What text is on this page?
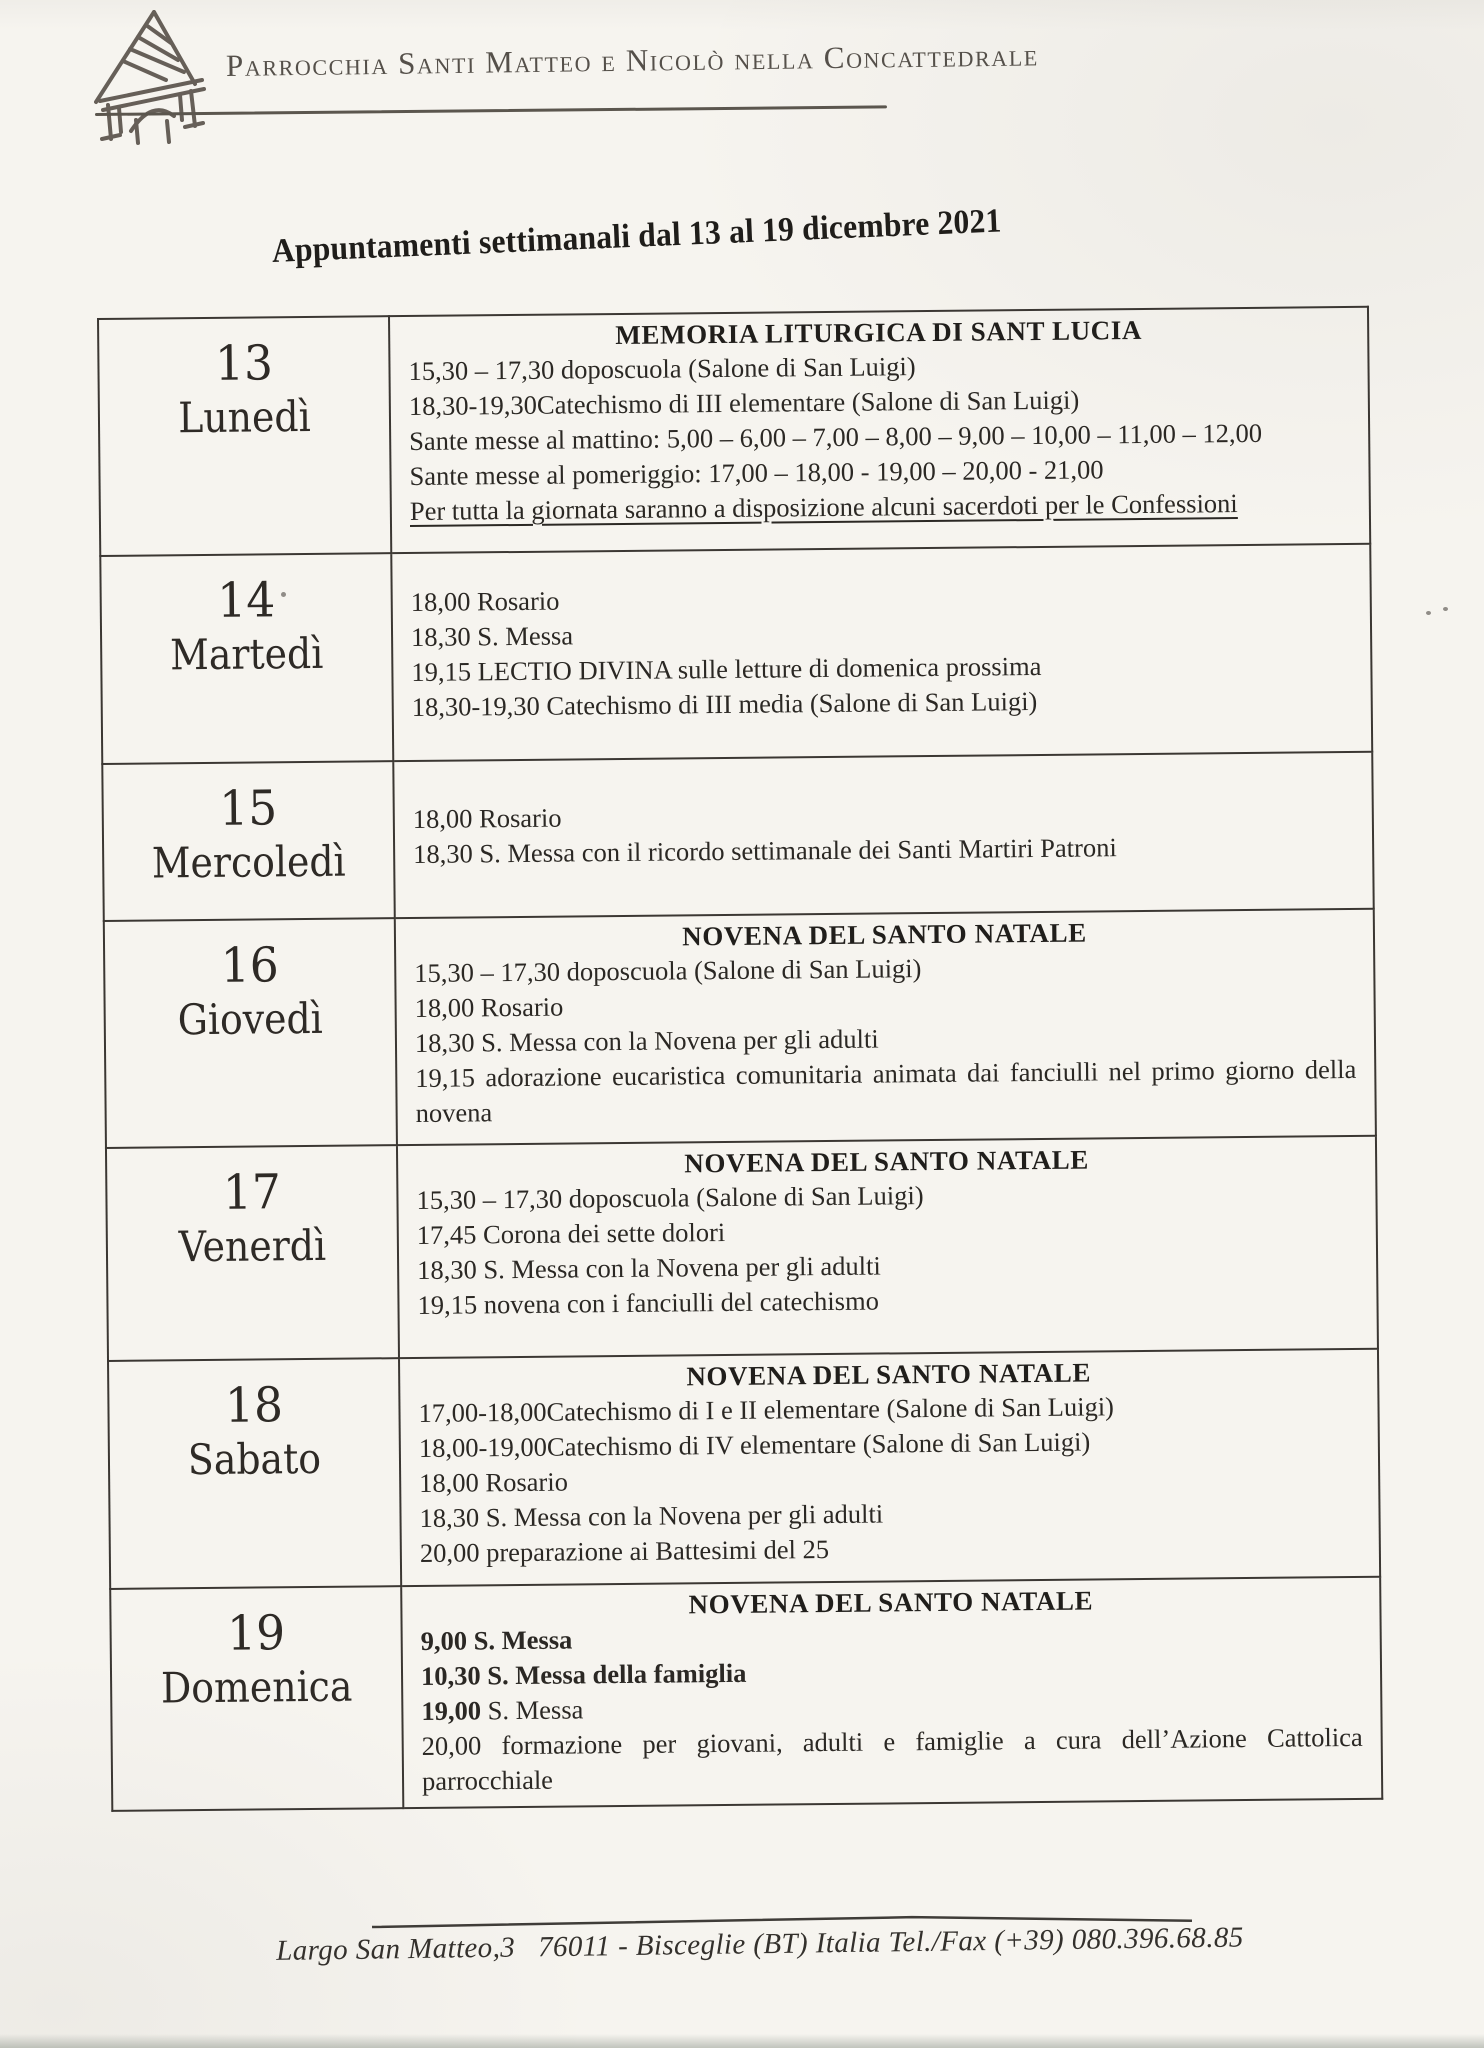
Parrocchia Santi Matteo e Nicolò nella Concattedrale
Appuntamenti settimanali dal 13 al 19 dicembre 2021
13
Lunedì

MEMORIA LITURGICA DI SANT LUCIA
15,30 – 17,30 doposcuola (Salone di San Luigi)
18,30-19,30Catechismo di III elementare (Salone di San Luigi)
Sante messe al mattino: 5,00 – 6,00 – 7,00 – 8,00 – 9,00 – 10,00 – 11,00 – 12,00
Sante messe al pomeriggio: 17,00 – 18,00 - 19,00 – 20,00 - 21,00
Per tutta la giornata saranno a disposizione alcuni sacerdoti per le Confessioni

14
Martedì

18,00 Rosario
18,30 S. Messa
19,15 LECTIO DIVINA sulle letture di domenica prossima
18,30-19,30 Catechismo di III media (Salone di San Luigi)

15
Mercoledì

18,00 Rosario
18,30 S. Messa con il ricordo settimanale dei Santi Martiri Patroni

16
Giovedì

NOVENA DEL SANTO NATALE
15,30 – 17,30 doposcuola (Salone di San Luigi)
18,00 Rosario
18,30 S. Messa con la Novena per gli adulti
19,15 adorazione eucaristica comunitaria animata dai fanciulli nel primo giorno della novena

17
Venerdì

NOVENA DEL SANTO NATALE
15,30 – 17,30 doposcuola (Salone di San Luigi)
17,45 Corona dei sette dolori
18,30 S. Messa con la Novena per gli adulti
19,15 novena con i fanciulli del catechismo

18
Sabato

NOVENA DEL SANTO NATALE
17,00-18,00Catechismo di I e II elementare (Salone di San Luigi)
18,00-19,00Catechismo di IV elementare (Salone di San Luigi)
18,00 Rosario
18,30 S. Messa con la Novena per gli adulti
20,00 preparazione ai Battesimi del 25

19
Domenica

NOVENA DEL SANTO NATALE
9,00 S. Messa
10,30 S. Messa della famiglia
19,00 S. Messa
20,00 formazione per giovani, adulti e famiglie a cura dell’Azione Cattolica parrocchiale
Largo San Matteo,3   76011 - Bisceglie (BT) Italia Tel./Fax (+39) 080.396.68.85
